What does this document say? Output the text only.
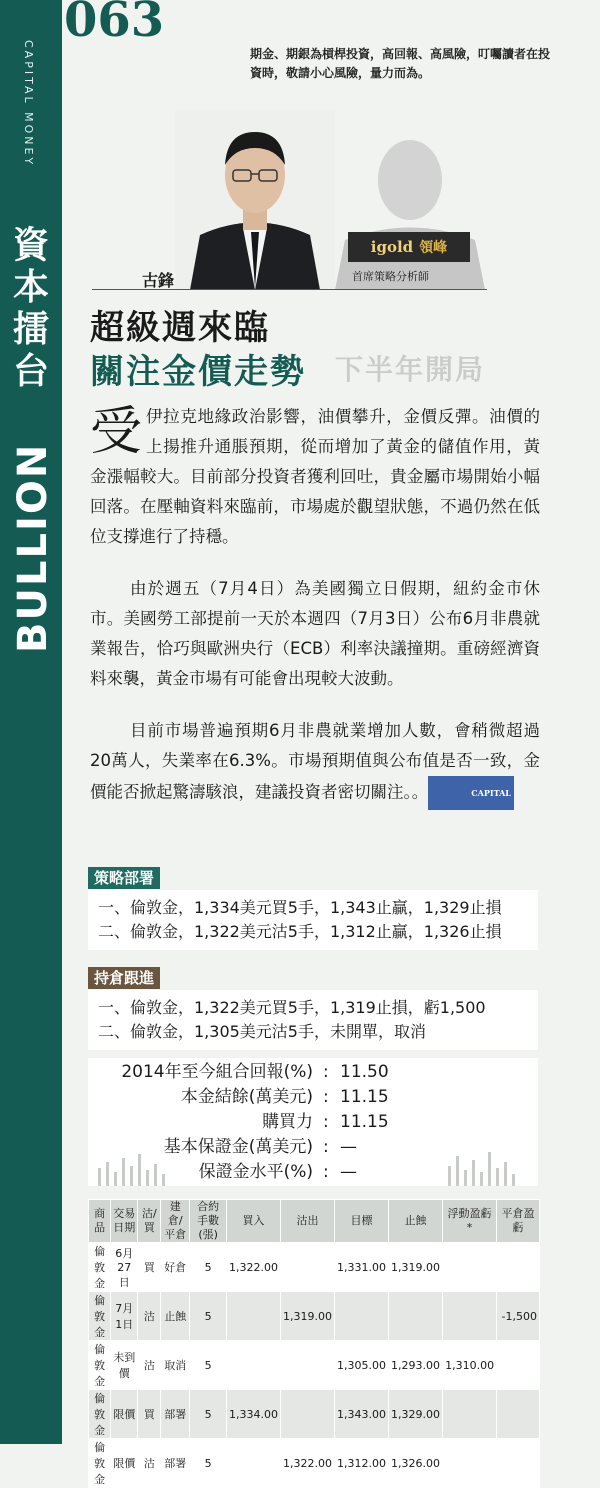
CAPITAL MONEY
資本擂台
BULLION
063
期金、期銀為槓桿投資，高回報、高風險，叮囑讀者在投資時，敬請小心風險，量力而為。
igold 領峰
古鋒	首席策略分析師
下半年開局
超級週來臨
關注金價走勢

受伊拉克地緣政治影響，油價攀升，金價反彈。油價的上揚推升通脹預期，從而增加了黃金的儲值作用，黃金漲幅較大。目前部分投資者獲利回吐，貴金屬市場開始小幅回落。在壓軸資料來臨前，市場處於觀望狀態，不過仍然在低位支撐進行了持穩。

由於週五（7月4日）為美國獨立日假期，紐約金市休市。美國勞工部提前一天於本週四（7月3日）公布6月非農就業報告，恰巧與歐洲央行（ECB）利率決議撞期。重磅經濟資料來襲，黃金市場有可能會出現較大波動。

目前市場普遍預期6月非農就業增加人數，會稍微超過20萬人，失業率在6.3%。市場預期值與公布值是否一致，金價能否掀起驚濤駭浪，建議投資者密切關注。。	CAPITAL

策略部署
一、倫敦金，1,334美元買5手，1,343止贏，1,329止損
二、倫敦金，1,322美元沽5手，1,312止贏，1,326止損
持倉跟進
一、倫敦金，1,322美元買5手，1,319止損，虧1,500
二、倫敦金，1,305美元沽5手，未開單，取消
2014年至今組合回報(%) : 11.50
本金結餘(萬美元) : 11.15
購買力 : 11.15
基本保證金(萬美元) : —
保證金水平(%) : —
商品	交易日期	沽/買	建倉/平倉	合約手數(張)	買入	沽出	目標	止蝕	浮動盈虧*	平倉盈虧
倫敦金	6月27日	買	好倉	5	1,322.00		1,331.00	1,319.00		
倫敦金	7月1日	沽	止蝕	5		1,319.00				-1,500
倫敦金	未到價	沽	取消	5			1,305.00	1,293.00	1,310.00	
倫敦金	限價	買	部署	5	1,334.00		1,343.00	1,329.00		
倫敦金	限價	沽	部署	5		1,322.00	1,312.00	1,326.00		
